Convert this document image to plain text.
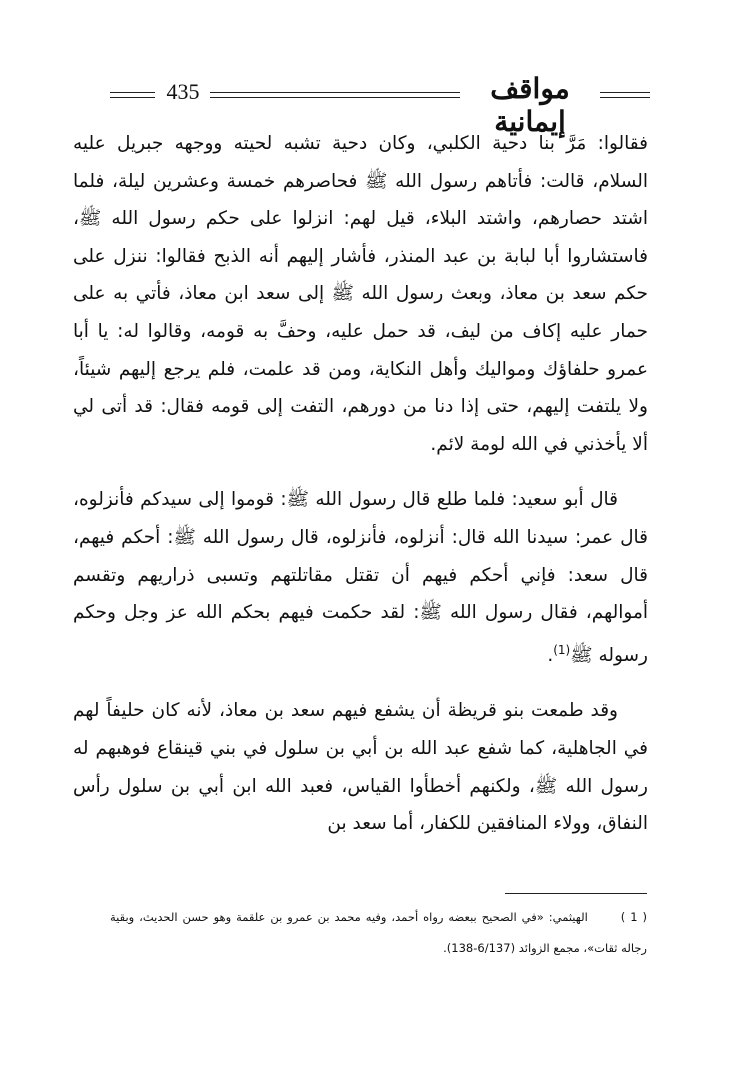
435	مواقف إيمانية

فقالوا: مَرَّ بنا دحية الكلبي، وكان دحية تشبه لحيته ووجهه جبريل عليه السلام، قالت: فأتاهم رسول الله ﷺ فحاصرهم خمسة وعشرين ليلة، فلما اشتد حصارهم، واشتد البلاء، قيل لهم: انزلوا على حكم رسول الله ﷺ، فاستشاروا أبا لبابة بن عبد المنذر، فأشار إليهم أنه الذبح فقالوا: ننزل على حكم سعد بن معاذ، وبعث رسول الله ﷺ إلى سعد ابن معاذ، فأتي به على حمار عليه إكاف من ليف، قد حمل عليه، وحفَّ به قومه، وقالوا له: يا أبا عمرو حلفاؤك ومواليك وأهل النكاية، ومن قد علمت، فلم يرجع إليهم شيئاً، ولا يلتفت إليهم، حتى إذا دنا من دورهم، التفت إلى قومه فقال: قد أتى لي ألا يأخذني في الله لومة لائم.

قال أبو سعيد: فلما طلع قال رسول الله ﷺ: قوموا إلى سيدكم فأنزلوه، قال عمر: سيدنا الله قال: أنزلوه، فأنزلوه، قال رسول الله ﷺ: أحكم فيهم، قال سعد: فإني أحكم فيهم أن تقتل مقاتلتهم وتسبى ذراريهم وتقسم أموالهم، فقال رسول الله ﷺ: لقد حكمت فيهم بحكم الله عز وجل وحكم رسوله ﷺ$^{(1)}$.

وقد طمعت بنو قريظة أن يشفع فيهم سعد بن معاذ، لأنه كان حليفاً لهم في الجاهلية، كما شفع عبد الله بن أبي بن سلول في بني قينقاع فوهبهم له رسول الله ﷺ، ولكنهم أخطأوا القياس، فعبد الله ابن أبي بن سلول رأس النفاق، وولاء المنافقين للكفار، أما سعد بن

( 1 ) الهيثمي: «في الصحيح ببعضه رواه أحمد، وفيه محمد بن عمرو بن علقمة وهو حسن الحديث، وبقية رجاله ثقات»، مجمع الزوائد (6/137-138).
